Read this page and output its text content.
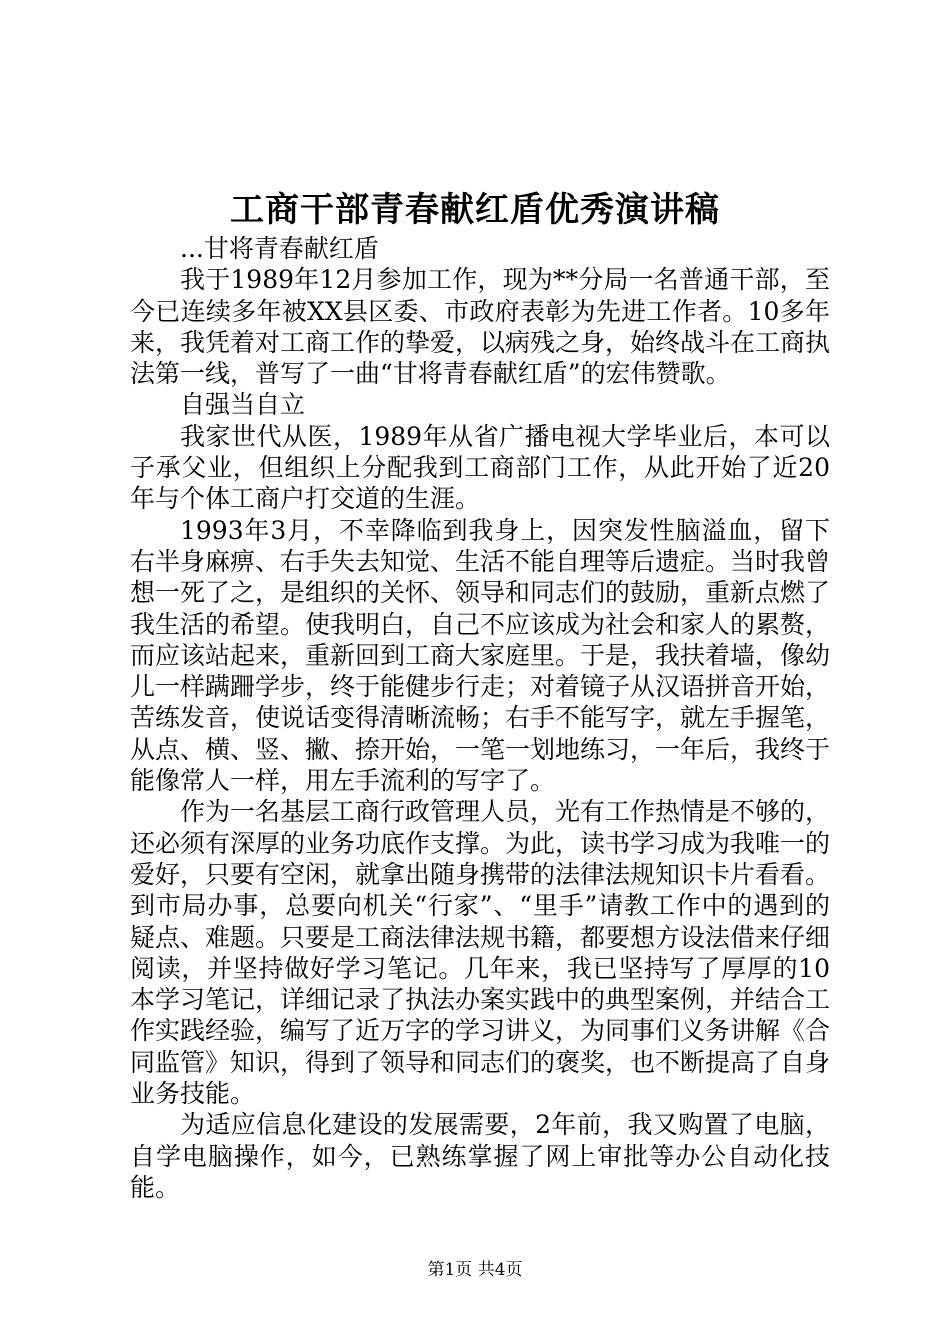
工商干部青春献红盾优秀演讲稿

...甘将青春献红盾

我于1989年12月参加工作，现为**分局一名普通干部，至今已连续多年被XX县区委、市政府表彰为先进工作者。10多年来，我凭着对工商工作的挚爱，以病残之身，始终战斗在工商执法第一线，普写了一曲“甘将青春献红盾”的宏伟赞歌。

自强当自立

我家世代从医，1989年从省广播电视大学毕业后，本可以子承父业，但组织上分配我到工商部门工作，从此开始了近20年与个体工商户打交道的生涯。

1993年3月，不幸降临到我身上，因突发性脑溢血，留下右半身麻痹、右手失去知觉、生活不能自理等后遗症。当时我曾想一死了之，是组织的关怀、领导和同志们的鼓励，重新点燃了我生活的希望。使我明白，自己不应该成为社会和家人的累赘，而应该站起来，重新回到工商大家庭里。于是，我扶着墙，像幼儿一样蹒跚学步，终于能健步行走；对着镜子从汉语拼音开始，苦练发音，使说话变得清晰流畅；右手不能写字，就左手握笔，从点、横、竖、撇、捺开始，一笔一划地练习，一年后，我终于能像常人一样，用左手流利的写字了。

作为一名基层工商行政管理人员，光有工作热情是不够的，还必须有深厚的业务功底作支撑。为此，读书学习成为我唯一的爱好，只要有空闲，就拿出随身携带的法律法规知识卡片看看。到市局办事，总要向机关“行家”、“里手”请教工作中的遇到的疑点、难题。只要是工商法律法规书籍，都要想方设法借来仔细阅读，并坚持做好学习笔记。几年来，我已坚持写了厚厚的10本学习笔记，详细记录了执法办案实践中的典型案例，并结合工作实践经验，编写了近万字的学习讲义，为同事们义务讲解《合同监管》知识，得到了领导和同志们的褒奖，也不断提高了自身业务技能。

为适应信息化建设的发展需要，2年前，我又购置了电脑，自学电脑操作，如今，已熟练掌握了网上审批等办公自动化技能。

第1页 共4页
